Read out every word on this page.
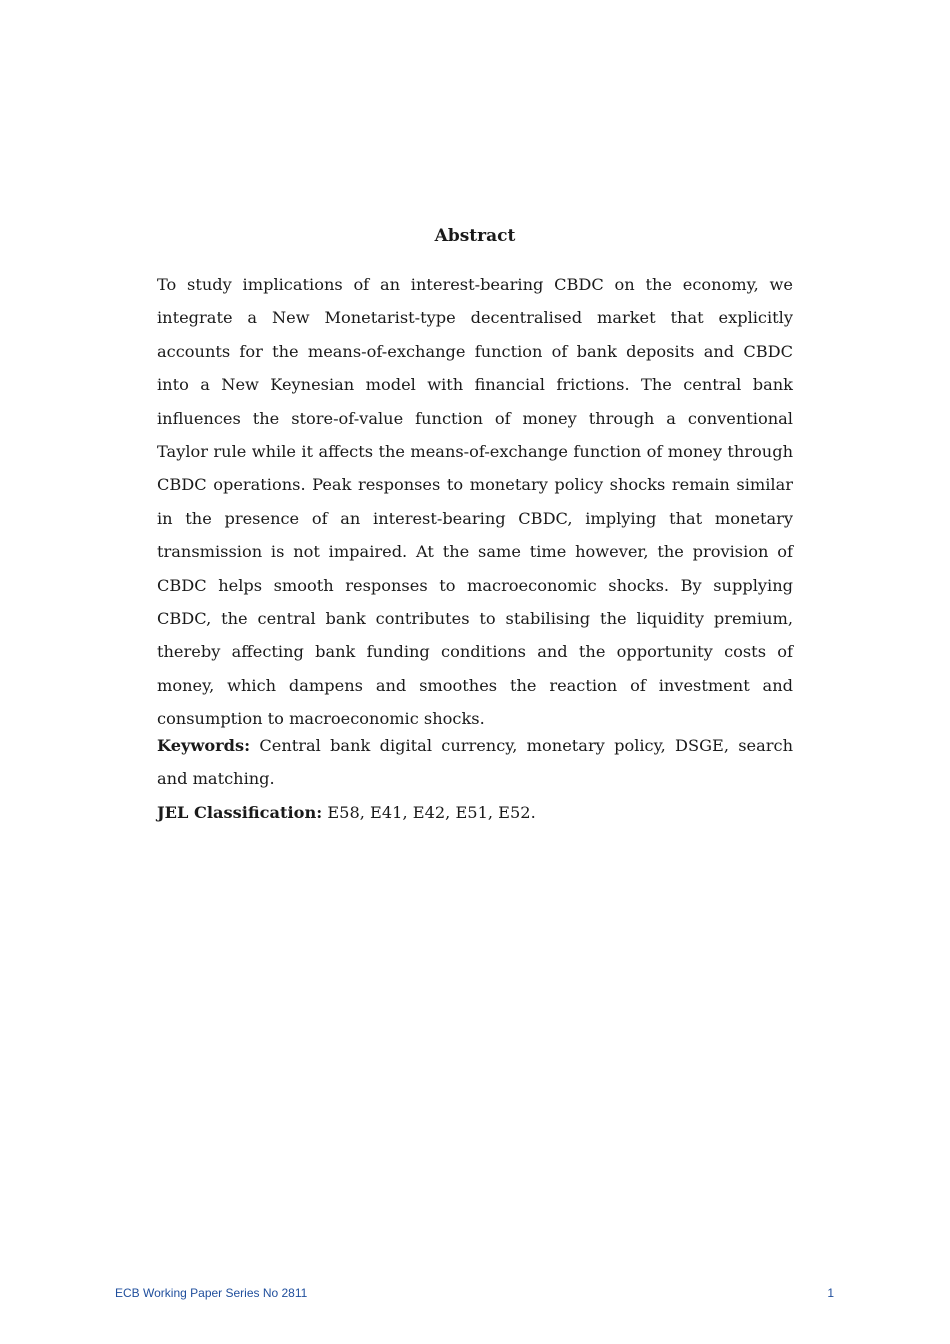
Abstract

To study implications of an interest-bearing CBDC on the economy, we integrate a New Monetarist-type decentralised market that explicitly accounts for the means-of-exchange function of bank deposits and CBDC into a New Keynesian model with financial frictions. The central bank influences the store-of-value function of money through a conventional Taylor rule while it affects the means-of-exchange function of money through CBDC operations. Peak responses to monetary policy shocks remain similar in the presence of an interest-bearing CBDC, implying that monetary transmission is not impaired. At the same time however, the provision of CBDC helps smooth responses to macroeconomic shocks. By supplying CBDC, the central bank contributes to stabilising the liquidity premium, thereby affecting bank funding conditions and the opportunity costs of money, which dampens and smoothes the reaction of investment and consumption to macroeconomic shocks.

Keywords: Central bank digital currency, monetary policy, DSGE, search and matching.

JEL Classification: E58, E41, E42, E51, E52.

ECB Working Paper Series No 2811	1
